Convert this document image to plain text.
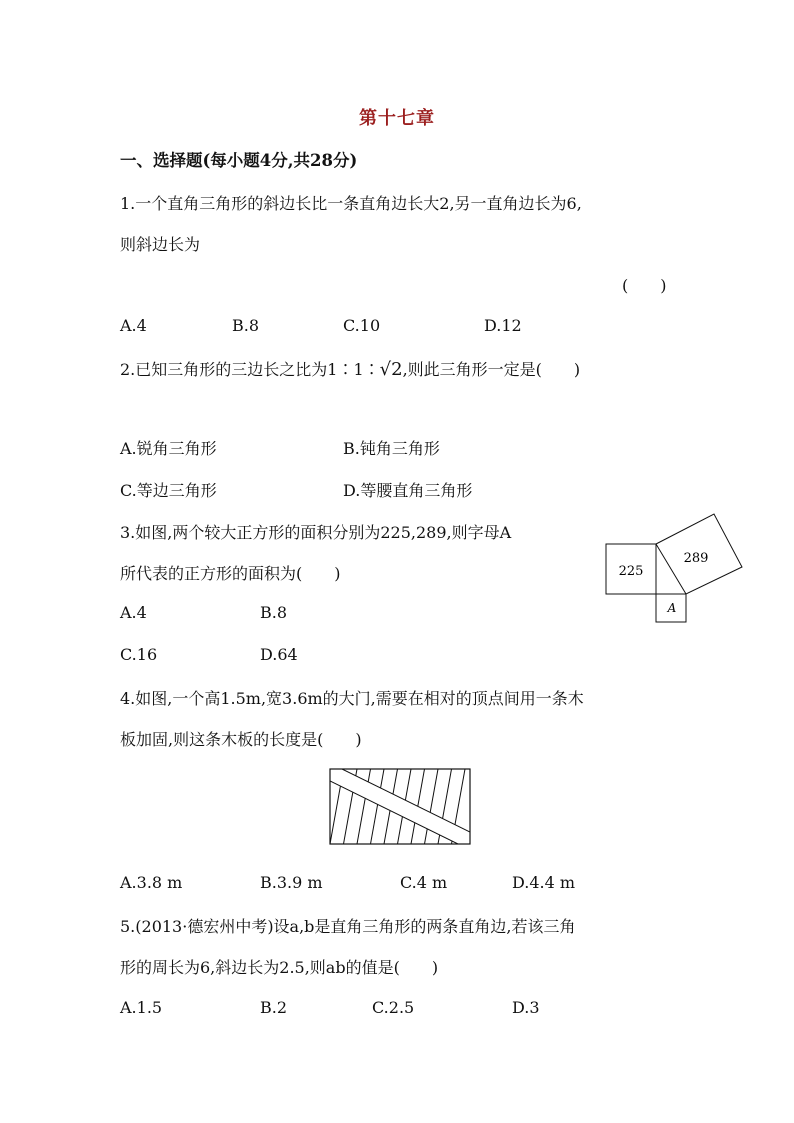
第十七章
一、选择题(每小题4分,共28分)
1.一个直角三角形的斜边长比一条直角边长大2,另一直角边长为6,
则斜边长为
(　　)
A.4	B.8	C.10	D.12
2.已知三角形的三边长之比为1∶1∶√2,则此三角形一定是(　　)
A.锐角三角形	B.钝角三角形
C.等边三角形	D.等腰直角三角形
3.如图,两个较大正方形的面积分别为225,289,则字母A
所代表的正方形的面积为(　　)
A.4	B.8
C.16	D.64
225
289
A
4.如图,一个高1.5m,宽3.6m的大门,需要在相对的顶点间用一条木
板加固,则这条木板的长度是(　　)
A.3.8 m	B.3.9 m	C.4 m	D.4.4 m
5.(2013·德宏州中考)设a,b是直角三角形的两条直角边,若该三角
形的周长为6,斜边长为2.5,则ab的值是(　　)
A.1.5	B.2	C.2.5	D.3
